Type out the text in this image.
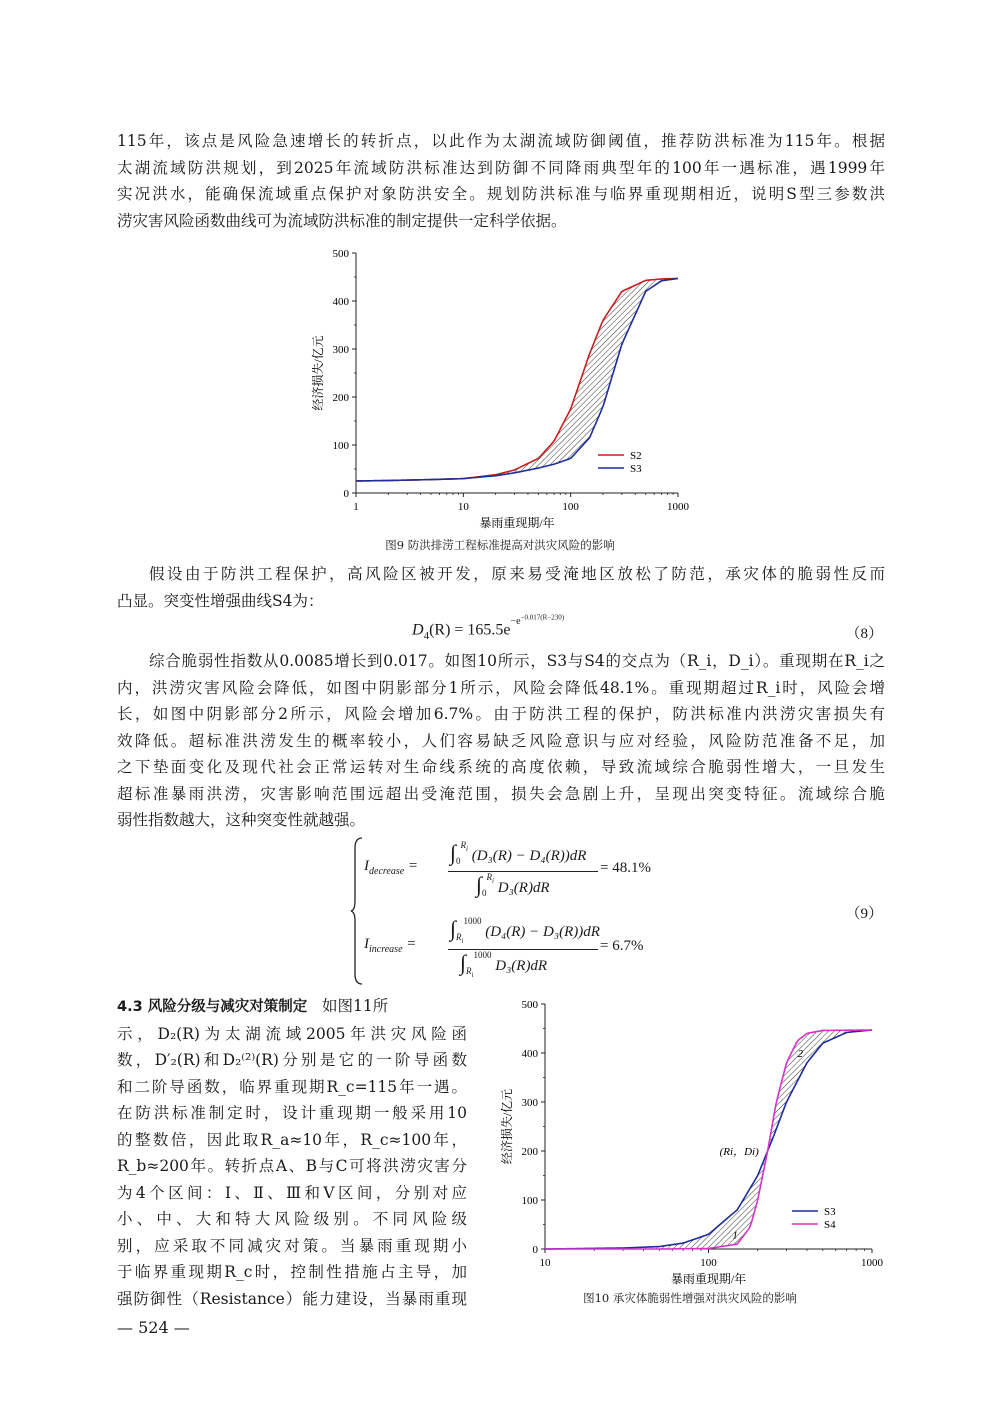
115年，该点是风险急速增长的转折点，以此作为太湖流域防御阈值，推荐防洪标准为115年。根据
太湖流域防洪规划，到2025年流域防洪标准达到防御不同降雨典型年的100年一遇标准，遇1999年
实况洪水，能确保流域重点保护对象防洪安全。规划防洪标准与临界重现期相近，说明S型三参数洪
涝灾害风险函数曲线可为流域防洪标准的制定提供一定科学依据。
0
100
200
300
400
500
1	10	100	1000
S2
S3
暴雨重现期/年
经济损失/亿元
图9 防洪排涝工程标准提高对洪灾风险的影响
假设由于防洪工程保护，高风险区被开发，原来易受淹地区放松了防范，承灾体的脆弱性反而
凸显。突变性增强曲线S4为：
$D_4(R) = 165.5e^{-e^{-0.017(R-230)}}$
（8）
综合脆弱性指数从0.0085增长到0.017。如图10所示，S3与S4的交点为（R_i，D_i）。重现期在R_i之
内，洪涝灾害风险会降低，如图中阴影部分1所示，风险会降低48.1%。重现期超过R_i时，风险会增
长，如图中阴影部分2所示，风险会增加6.7%。由于防洪工程的保护，防洪标准内洪涝灾害损失有
效降低。超标准洪涝发生的概率较小，人们容易缺乏风险意识与应对经验，风险防范准备不足，加
之下垫面变化及现代社会正常运转对生命线系统的高度依赖，导致流域综合脆弱性增大，一旦发生
超标准暴雨洪涝，灾害影响范围远超出受淹范围，损失会急剧上升，呈现出突变特征。流域综合脆
弱性指数越大，这种突变性就越强。
$I_{decrease}$ =
$\int_0^{R_i}$ (D₃(R) − D₄(R))dR
$\int_0^{R_i}$ D₃(R)dR
= 48.1%
$I_{increase}$ =
$\int_{R_i}^{1000}$ (D₄(R) − D₃(R))dR
$\int_{R_i}^{1000}$ D₃(R)dR
= 6.7%
（9）
4.3 风险分级与减灾对策制定 如图11所
示，D₂(R)为太湖流域2005年洪灾风险函
数，D′₂(R)和D₂⁽²⁾(R)分别是它的一阶导函数
和二阶导函数，临界重现期R_c=115年一遇。
在防洪标准制定时，设计重现期一般采用10
的整数倍，因此取R_a≈10年，R_c≈100年，
R_b≈200年。转折点A、B与C可将洪涝灾害分
为4个区间：Ⅰ、Ⅱ、Ⅲ和Ⅴ区间，分别对应
小、中、大和特大风险级别。不同风险级
别，应采取不同减灾对策。当暴雨重现期小
于临界重现期R_c时，控制性措施占主导，加
强防御性（Resistance）能力建设，当暴雨重现
0
100
200
300
400
500
10	100	1000
S3
S4
暴雨重现期/年
经济损失/亿元	(Ri，Di)
1
2
图10 承灾体脆弱性增强对洪灾风险的影响
— 524 —
